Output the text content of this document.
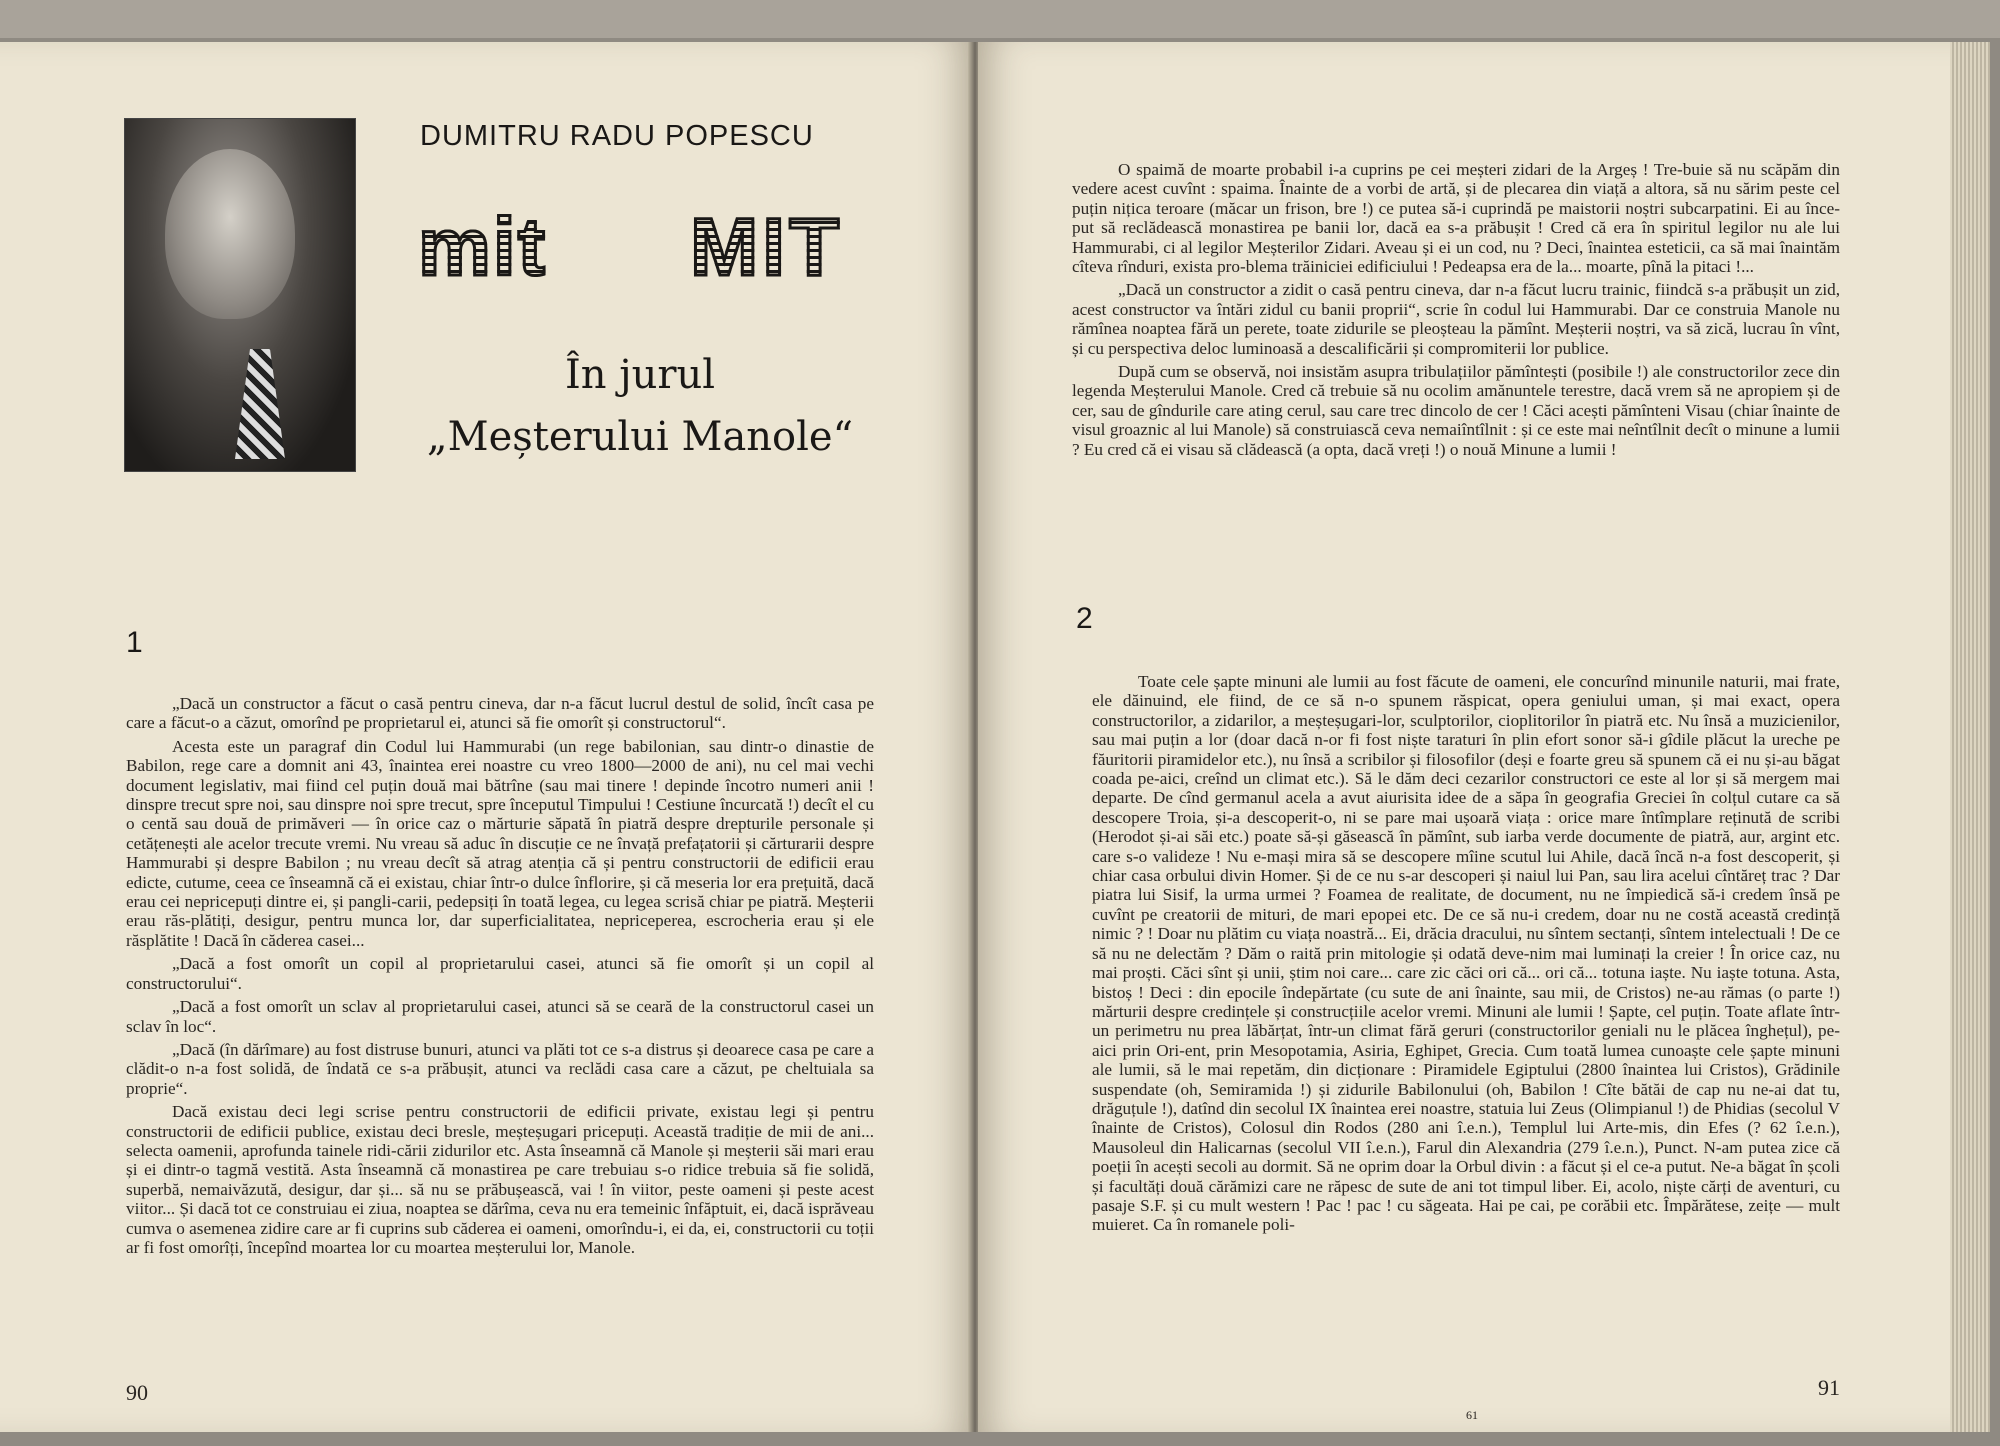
DUMITRU RADU POPESCU
mit MIT
În jurul
„Meșterului Manole“
1

„Dacă un constructor a făcut o casă pentru cineva, dar n-a făcut lucrul destul de solid, încît casa pe care a făcut-o a căzut, omorînd pe proprietarul ei, atunci să fie omorît și constructorul“.

Acesta este un paragraf din Codul lui Hammurabi (un rege babilonian, sau dintr-o dinastie de Babilon, rege care a domnit ani 43, înaintea erei noastre cu vreo 1800—2000 de ani), nu cel mai vechi document legislativ, mai fiind cel puțin două mai bătrîne (sau mai tinere ! depinde încotro numeri anii ! dinspre trecut spre noi, sau dinspre noi spre trecut, spre începutul Timpului ! Cestiune încurcată !) decît el cu o centă sau două de primăveri — în orice caz o mărturie săpată în piatră despre drepturile personale și cetățenești ale acelor trecute vremi. Nu vreau să aduc în discuție ce ne învață prefațatorii și cărturarii despre Hammurabi și despre Babilon ; nu vreau decît să atrag atenția că și pentru constructorii de edificii erau edicte, cutume, ceea ce înseamnă că ei existau, chiar într-o dulce înflorire, și că meseria lor era prețuită, dacă erau cei nepricepuți dintre ei, și pangli-carii, pedepsiți în toată legea, cu legea scrisă chiar pe piatră. Meșterii erau răs-plătiți, desigur, pentru munca lor, dar superficialitatea, nepriceperea, escrocheria erau și ele răsplătite ! Dacă în căderea casei...

„Dacă a fost omorît un copil al proprietarului casei, atunci să fie omorît și un copil al constructorului“.

„Dacă a fost omorît un sclav al proprietarului casei, atunci să se ceară de la constructorul casei un sclav în loc“.

„Dacă (în dărîmare) au fost distruse bunuri, atunci va plăti tot ce s-a distrus și deoarece casa pe care a clădit-o n-a fost solidă, de îndată ce s-a prăbușit, atunci va reclădi casa care a căzut, pe cheltuiala sa proprie“.

Dacă existau deci legi scrise pentru constructorii de edificii private, existau legi și pentru constructorii de edificii publice, existau deci bresle, meșteșugari pricepuți. Această tradiție de mii de ani... selecta oamenii, aprofunda tainele ridi-cării zidurilor etc. Asta înseamnă că Manole și meșterii săi mari erau și ei dintr-o tagmă vestită. Asta înseamnă că monastirea pe care trebuiau s-o ridice trebuia să fie solidă, superbă, nemaivăzută, desigur, dar și... să nu se prăbușească, vai ! în viitor, peste oameni și peste acest viitor... Și dacă tot ce construiau ei ziua, noaptea se dărîma, ceva nu era temeinic înfăptuit, ei, dacă isprăveau cumva o asemenea zidire care ar fi cuprins sub căderea ei oameni, omorîndu-i, ei da, ei, constructorii cu toții ar fi fost omorîți, începînd moartea lor cu moartea meșterului lor, Manole.

90

O spaimă de moarte probabil i-a cuprins pe cei meșteri zidari de la Argeș ! Tre-buie să nu scăpăm din vedere acest cuvînt : spaima. Înainte de a vorbi de artă, și de plecarea din viață a altora, să nu sărim peste cel puțin nițica teroare (măcar un frison, bre !) ce putea să-i cuprindă pe maistorii noștri subcarpatini. Ei au înce-put să reclădească monastirea pe banii lor, dacă ea s-a prăbușit ! Cred că era în spiritul legilor nu ale lui Hammurabi, ci al legilor Meșterilor Zidari. Aveau și ei un cod, nu ? Deci, înaintea esteticii, ca să mai înaintăm cîteva rînduri, exista pro-blema trăiniciei edificiului ! Pedeapsa era de la... moarte, pînă la pitaci !...

„Dacă un constructor a zidit o casă pentru cineva, dar n-a făcut lucru trainic, fiindcă s-a prăbușit un zid, acest constructor va întări zidul cu banii proprii“, scrie în codul lui Hammurabi. Dar ce construia Manole nu rămînea noaptea fără un perete, toate zidurile se pleoșteau la pămînt. Meșterii noștri, va să zică, lucrau în vînt, și cu perspectiva deloc luminoasă a descalificării și compromiterii lor publice.

După cum se observă, noi insistăm asupra tribulațiilor pămîntești (posibile !) ale constructorilor zece din legenda Meșterului Manole. Cred că trebuie să nu ocolim amănuntele terestre, dacă vrem să ne apropiem și de cer, sau de gîndurile care ating cerul, sau care trec dincolo de cer ! Căci acești pămînteni Visau (chiar înainte de visul groaznic al lui Manole) să construiască ceva nemaiîntîlnit : și ce este mai neîntîlnit decît o minune a lumii ? Eu cred că ei visau să clădească (a opta, dacă vreți !) o nouă Minune a lumii !

2

Toate cele șapte minuni ale lumii au fost făcute de oameni, ele concurînd minunile naturii, mai frate, ele dăinuind, ele fiind, de ce să n-o spunem răspicat, opera geniului uman, și mai exact, opera constructorilor, a zidarilor, a meșteșugari-lor, sculptorilor, cioplitorilor în piatră etc. Nu însă a muzicienilor, sau mai puțin a lor (doar dacă n-or fi fost niște taraturi în plin efort sonor să-i gîdile plăcut la ureche pe făuritorii piramidelor etc.), nu însă a scribilor și filosofilor (deși e foarte greu să spunem că ei nu și-au băgat coada pe-aici, creînd un climat etc.). Să le dăm deci cezarilor constructori ce este al lor și să mergem mai departe. De cînd germanul acela a avut aiurisita idee de a săpa în geografia Greciei în colțul cutare ca să descopere Troia, și-a descoperit-o, ni se pare mai ușoară viața : orice mare întîmplare reținută de scribi (Herodot și-ai săi etc.) poate să-și găsească în pămînt, sub iarba verde documente de piatră, aur, argint etc. care s-o valideze ! Nu e-mași mira să se descopere mîine scutul lui Ahile, dacă încă n-a fost descoperit, și chiar casa orbului divin Homer. Și de ce nu s-ar descoperi și naiul lui Pan, sau lira acelui cîntăreț trac ? Dar piatra lui Sisif, la urma urmei ? Foamea de realitate, de document, nu ne împiedică să-i credem însă pe cuvînt pe creatorii de mituri, de mari epopei etc. De ce să nu-i credem, doar nu ne costă această credință nimic ? ! Doar nu plătim cu viața noastră... Ei, drăcia dracului, nu sîntem sectanți, sîntem intelectuali ! De ce să nu ne delectăm ? Dăm o raită prin mitologie și odată deve-nim mai luminați la creier ! În orice caz, nu mai proști. Căci sînt și unii, știm noi care... care zic căci ori că... ori că... totuna iaște. Nu iaște totuna. Asta, bistoș ! Deci : din epocile îndepărtate (cu sute de ani înainte, sau mii, de Cristos) ne-au rămas (o parte !) mărturii despre credințele și construcțiile acelor vremi. Minuni ale lumii ! Șapte, cel puțin. Toate aflate într-un perimetru nu prea lăbărțat, într-un climat fără geruri (constructorilor geniali nu le plăcea înghețul), pe-aici prin Ori-ent, prin Mesopotamia, Asiria, Eghipet, Grecia. Cum toată lumea cunoaște cele șapte minuni ale lumii, să le mai repetăm, din dicționare : Piramidele Egiptului (2800 înaintea lui Cristos), Grădinile suspendate (oh, Semiramida !) și zidurile Babilonului (oh, Babilon ! Cîte bătăi de cap nu ne-ai dat tu, drăguțule !), datînd din secolul IX înaintea erei noastre, statuia lui Zeus (Olimpianul !) de Phidias (secolul V înainte de Cristos), Colosul din Rodos (280 ani î.e.n.), Templul lui Arte-mis, din Efes (? 62 î.e.n.), Mausoleul din Halicarnas (secolul VII î.e.n.), Farul din Alexandria (279 î.e.n.), Punct. N-am putea zice că poeții în acești secoli au dormit. Să ne oprim doar la Orbul divin : a făcut și el ce-a putut. Ne-a băgat în școli și facultăți două cărămizi care ne răpesc de sute de ani tot timpul liber. Ei, acolo, niște cărți de aventuri, cu pasaje S.F. și cu mult western ! Pac ! pac ! cu săgeata. Hai pe cai, pe corăbii etc. Împărătese, zeițe — mult muieret. Ca în romanele poli-

91
61
